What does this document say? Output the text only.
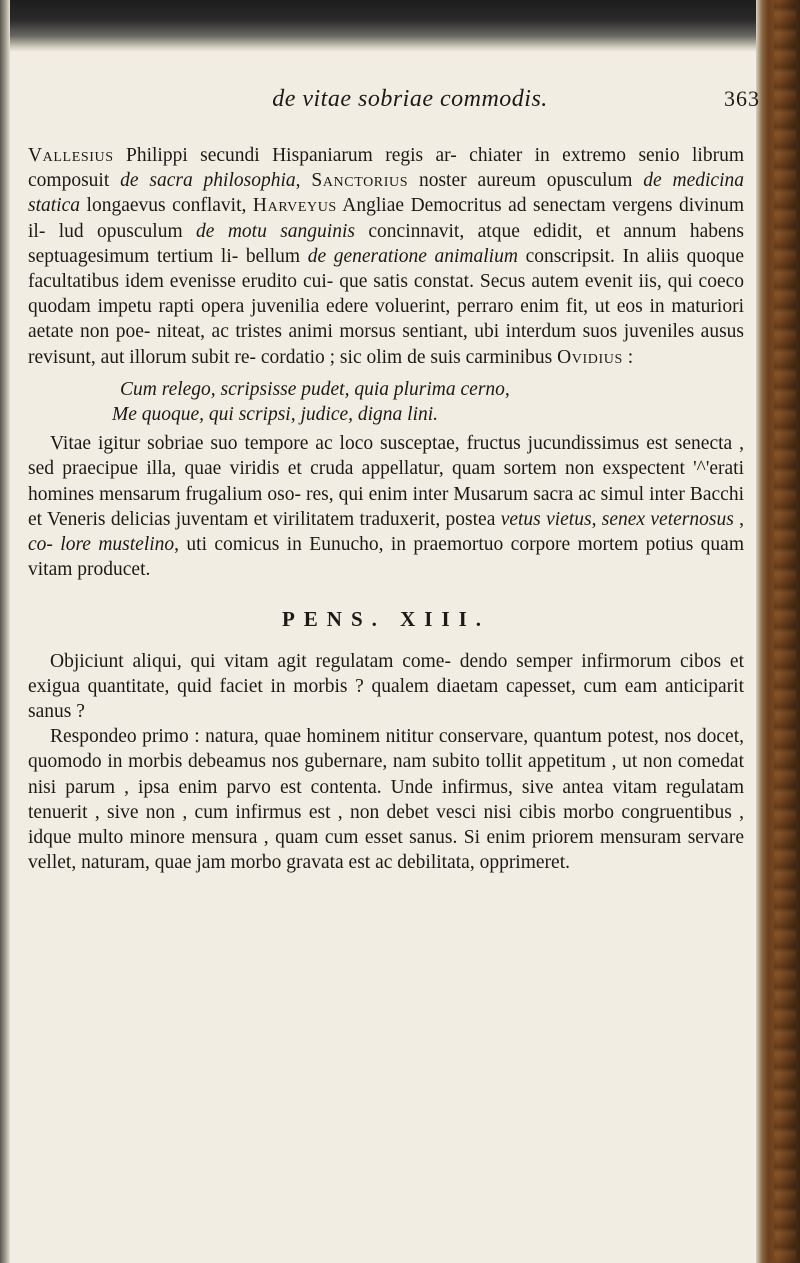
de vitae sobriae commodis.	363

Vallesius Philippi secundi Hispaniarum regis ar- chiater in extremo senio librum composuit de sacra philosophia, Sanctorius noster aureum opusculum de medicina statica longaevus conflavit, Harveyus Angliae Democritus ad senectam vergens divinum il- lud opusculum de motu sanguinis concinnavit, atque edidit, et annum habens septuagesimum tertium li- bellum de generatione animalium conscripsit. In aliis quoque facultatibus idem evenisse erudito cui- que satis constat. Secus autem evenit iis, qui coeco quodam impetu rapti opera juvenilia edere voluerint, perraro enim fit, ut eos in maturiori aetate non poe- niteat, ac tristes animi morsus sentiant, ubi interdum suos juveniles ausus revisunt, aut illorum subit re- cordatio ; sic olim de suis carminibus Ovidius :

Cum relego, scripsisse pudet, quia plurima cerno,
Me quoque, qui scripsi, judice, digna lini.

Vitae igitur sobriae suo tempore ac loco susceptae, fructus jucundissimus est senecta , sed praecipue illa, quae viridis et cruda appellatur, quam sortem non exspectent '^'erati homines mensarum frugalium oso- res, qui enim inter Musarum sacra ac simul inter Bacchi et Veneris delicias juventam et virilitatem traduxerit, postea vetus vietus, senex veternosus , co- lore mustelino, uti comicus in Eunucho, in praemortuo corpore mortem potius quam vitam producet.

PENS. XIII.

Objiciunt aliqui, qui vitam agit regulatam come- dendo semper infirmorum cibos et exigua quantitate, quid faciet in morbis ? qualem diaetam capesset, cum eam anticiparit sanus ?

Respondeo primo : natura, quae hominem nititur conservare, quantum potest, nos docet, quomodo in morbis debeamus nos gubernare, nam subito tollit appetitum , ut non comedat nisi parum , ipsa enim parvo est contenta. Unde infirmus, sive antea vitam regulatam tenuerit , sive non , cum infirmus est , non debet vesci nisi cibis morbo congruentibus , idque multo minore mensura , quam cum esset sanus. Si enim priorem mensuram servare vellet, naturam, quae jam morbo gravata est ac debilitata, opprimeret.
